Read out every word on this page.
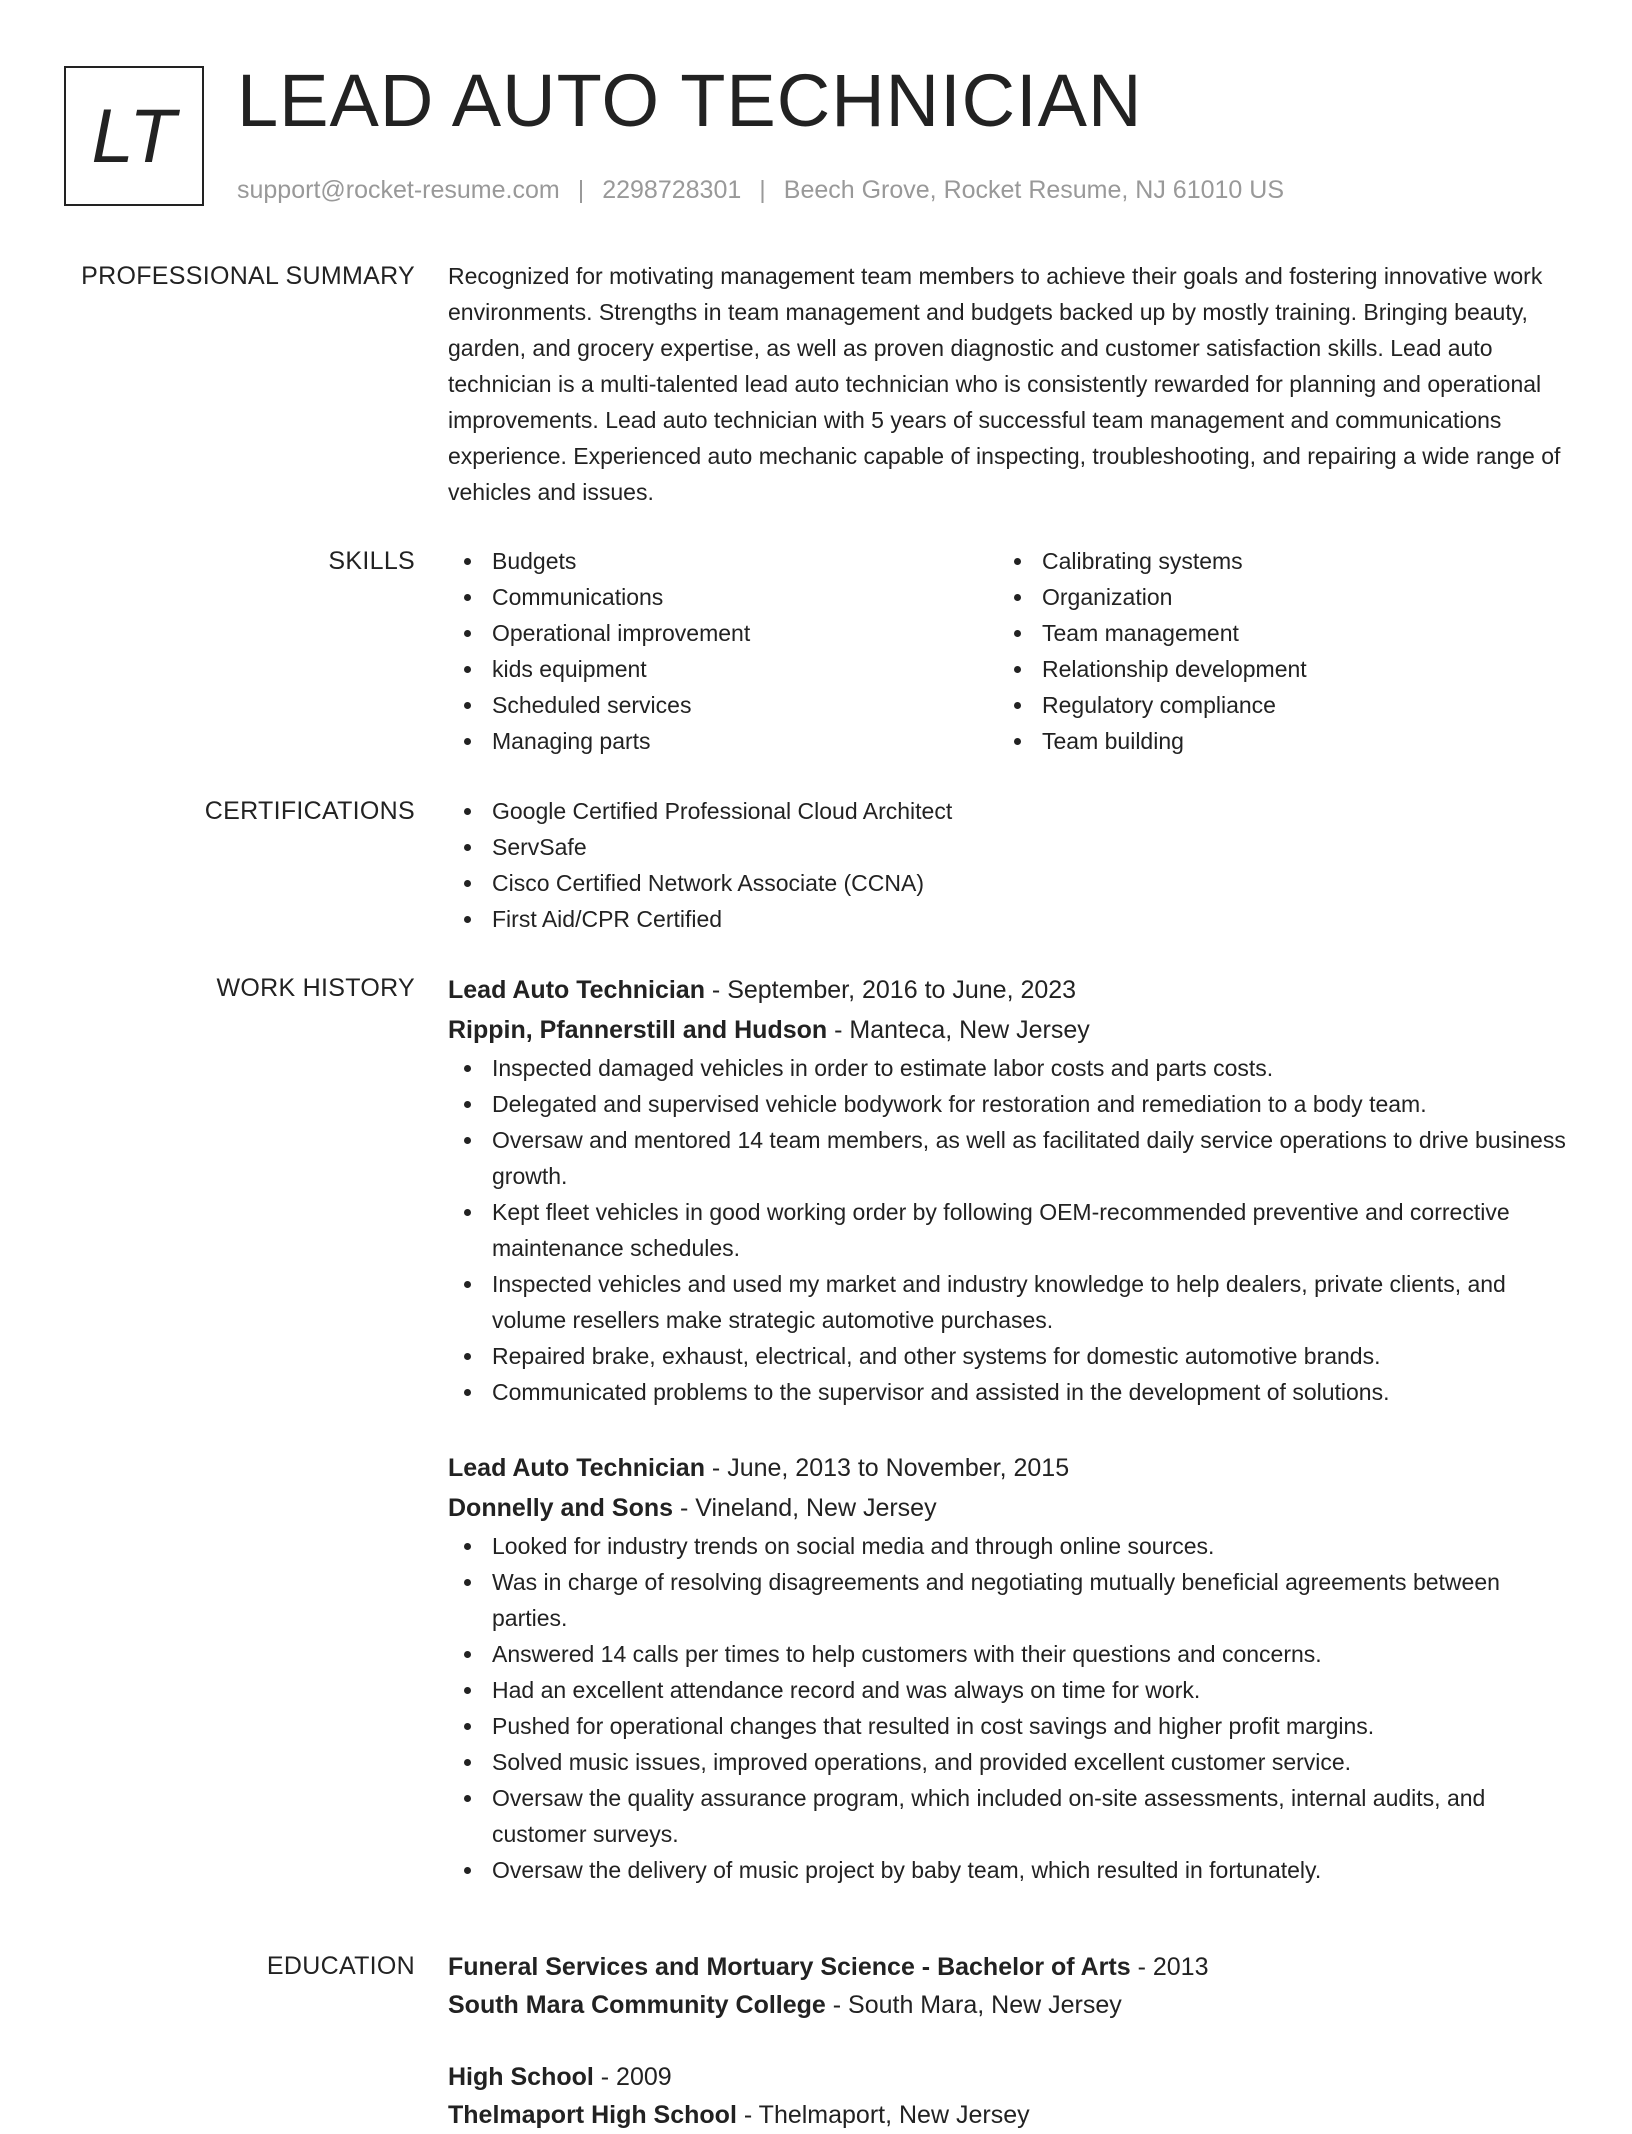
LT LEAD AUTO TECHNICIAN
support@rocket-resume.com | 2298728301 | Beech Grove, Rocket Resume, NJ 61010 US
PROFESSIONAL SUMMARY Recognized for motivating management team members to achieve their goals and fostering innovative work environments. Strengths in team management and budgets backed up by mostly training. Bringing beauty, garden, and grocery expertise, as well as proven diagnostic and customer satisfaction skills. Lead auto technician is a multi-talented lead auto technician who is consistently rewarded for planning and operational improvements. Lead auto technician with 5 years of successful team management and communications experience. Experienced auto mechanic capable of inspecting, troubleshooting, and repairing a wide range of vehicles and issues.

SKILLS	Budgets
Communications
Operational improvement
kids equipment
Scheduled services
Managing parts
Calibrating systems
Organization
Team management
Relationship development
Regulatory compliance
Team building
CERTIFICATIONS	Google Certified Professional Cloud Architect
ServSafe
Cisco Certified Network Associate (CCNA)
First Aid/CPR Certified
WORK HISTORY Lead Auto Technician - September, 2016 to June, 2023
Rippin, Pfannerstill and Hudson - Manteca, New Jersey
Inspected damaged vehicles in order to estimate labor costs and parts costs.
Delegated and supervised vehicle bodywork for restoration and remediation to a body team.
Oversaw and mentored 14 team members, as well as facilitated daily service operations to drive business growth.
Kept fleet vehicles in good working order by following OEM-recommended preventive and corrective maintenance schedules.
Inspected vehicles and used my market and industry knowledge to help dealers, private clients, and volume resellers make strategic automotive purchases.
Repaired brake, exhaust, electrical, and other systems for domestic automotive brands.
Communicated problems to the supervisor and assisted in the development of solutions.
Lead Auto Technician - June, 2013 to November, 2015
Donnelly and Sons - Vineland, New Jersey
Looked for industry trends on social media and through online sources.
Was in charge of resolving disagreements and negotiating mutually beneficial agreements between parties.
Answered 14 calls per times to help customers with their questions and concerns.
Had an excellent attendance record and was always on time for work.
Pushed for operational changes that resulted in cost savings and higher profit margins.
Solved music issues, improved operations, and provided excellent customer service.
Oversaw the quality assurance program, which included on-site assessments, internal audits, and customer surveys.
Oversaw the delivery of music project by baby team, which resulted in fortunately.
EDUCATION Funeral Services and Mortuary Science - Bachelor of Arts - 2013
South Mara Community College - South Mara, New Jersey
High School - 2009
Thelmaport High School - Thelmaport, New Jersey
